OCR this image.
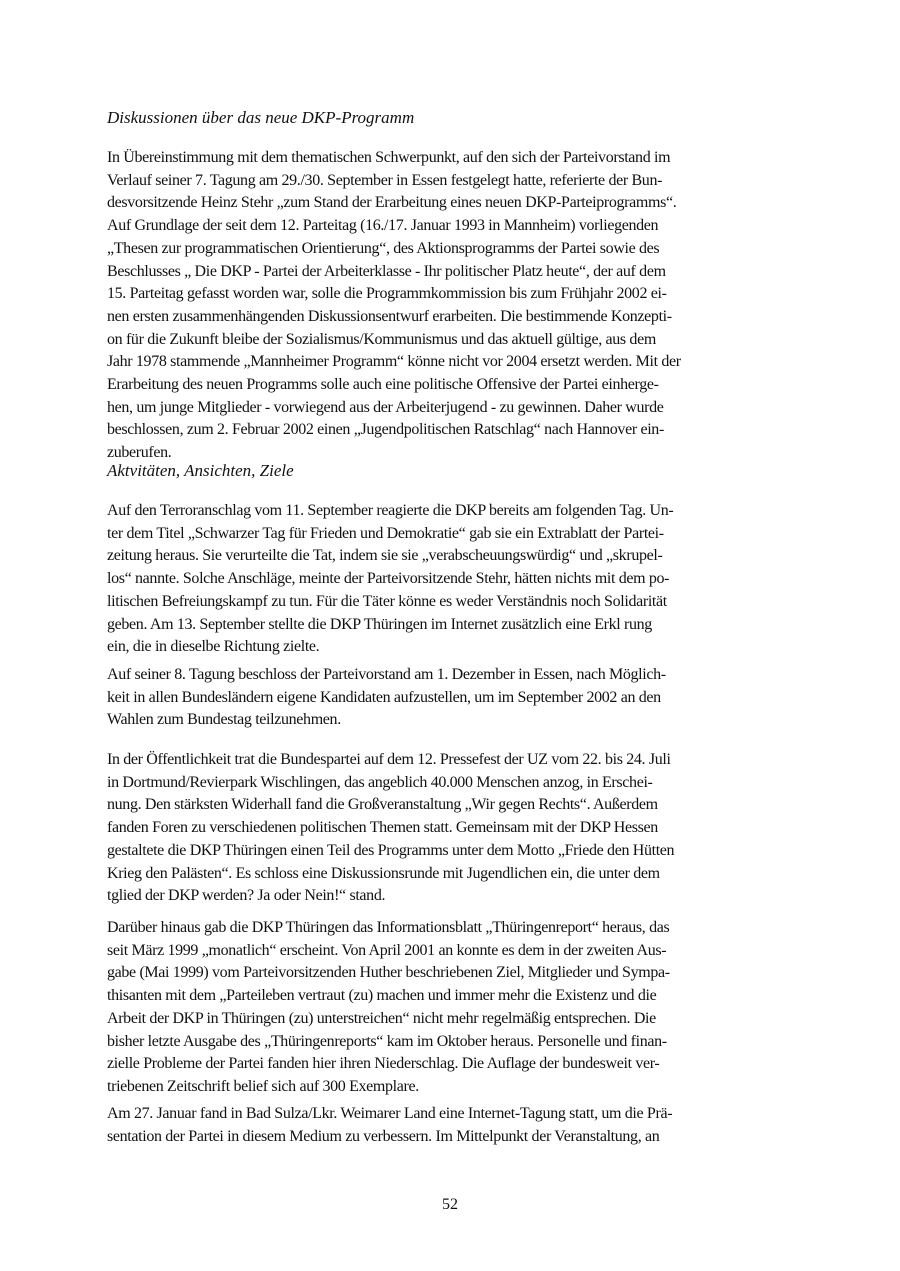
Diskussionen über das neue DKP-Programm
In Übereinstimmung mit dem thematischen Schwerpunkt, auf den sich der Parteivorstand im
Verlauf seiner 7. Tagung am 29./30. September in Essen festgelegt hatte, referierte der Bun-
desvorsitzende Heinz Stehr „zum Stand der Erarbeitung eines neuen DKP-Parteiprogramms“.
Auf Grundlage der seit dem 12. Parteitag (16./17. Januar 1993 in Mannheim) vorliegenden
„Thesen zur programmatischen Orientierung“, des Aktionsprogramms der Partei sowie des
Beschlusses „ Die DKP - Partei der Arbeiterklasse - Ihr politischer Platz heute“, der auf dem
15. Parteitag gefasst worden war, solle die Programmkommission bis zum Frühjahr 2002 ei-
nen ersten zusammenhängenden Diskussionsentwurf erarbeiten. Die bestimmende Konzepti-
on für die Zukunft bleibe der Sozialismus/Kommunismus und das aktuell gültige, aus dem
Jahr 1978 stammende „Mannheimer Programm“ könne nicht vor 2004 ersetzt werden. Mit der
Erarbeitung des neuen Programms solle auch eine politische Offensive der Partei einherge-
hen, um junge Mitglieder - vorwiegend aus der Arbeiterjugend - zu gewinnen. Daher wurde
beschlossen, zum 2. Februar 2002 einen „Jugendpolitischen Ratschlag“ nach Hannover ein-
zuberufen.
Aktvitäten, Ansichten, Ziele
Auf den Terroranschlag vom 11. September reagierte die DKP bereits am folgenden Tag. Un-
ter dem Titel „Schwarzer Tag für Frieden und Demokratie“ gab sie ein Extrablatt der Partei-
zeitung heraus. Sie verurteilte die Tat, indem sie sie „verabscheuungswürdig“ und „skrupel-
los“ nannte. Solche Anschläge, meinte der Parteivorsitzende Stehr, hätten nichts mit dem po-
litischen Befreiungskampf zu tun. Für die Täter könne es weder Verständnis noch Solidarität
geben. Am 13. September stellte die DKP Thüringen im Internet zusätzlich eine Erkl rung
ein, die in dieselbe Richtung zielte.
Auf seiner 8. Tagung beschloss der Parteivorstand am 1. Dezember in Essen, nach Möglich-
keit in allen Bundesländern eigene Kandidaten aufzustellen, um im September 2002 an den
Wahlen zum Bundestag teilzunehmen.
In der Öffentlichkeit trat die Bundespartei auf dem 12. Pressefest der UZ vom 22. bis 24. Juli
in Dortmund/Revierpark Wischlingen, das angeblich 40.000 Menschen anzog, in Erschei-
nung. Den stärksten Widerhall fand die Großveranstaltung „Wir gegen Rechts“. Außerdem
fanden Foren zu verschiedenen politischen Themen statt. Gemeinsam mit der DKP Hessen
gestaltete die DKP Thüringen einen Teil des Programms unter dem Motto „Friede den Hütten
Krieg den Palästen“. Es schloss eine Diskussionsrunde mit Jugendlichen ein, die unter dem
tglied der DKP werden? Ja oder Nein!“ stand.
Darüber hinaus gab die DKP Thüringen das Informationsblatt „Thüringenreport“ heraus, das
seit März 1999 „monatlich“ erscheint. Von April 2001 an konnte es dem in der zweiten Aus-
gabe (Mai 1999) vom Parteivorsitzenden Huther beschriebenen Ziel, Mitglieder und Sympa-
thisanten mit dem „Parteileben vertraut (zu) machen und immer mehr die Existenz und die
Arbeit der DKP in Thüringen (zu) unterstreichen“ nicht mehr regelmäßig entsprechen. Die
bisher letzte Ausgabe des „Thüringenreports“ kam im Oktober heraus. Personelle und finan-
zielle Probleme der Partei fanden hier ihren Niederschlag. Die Auflage der bundesweit ver-
triebenen Zeitschrift belief sich auf 300 Exemplare.
Am 27. Januar fand in Bad Sulza/Lkr. Weimarer Land eine Internet-Tagung statt, um die Prä-
sentation der Partei in diesem Medium zu verbessern. Im Mittelpunkt der Veranstaltung, an
52
